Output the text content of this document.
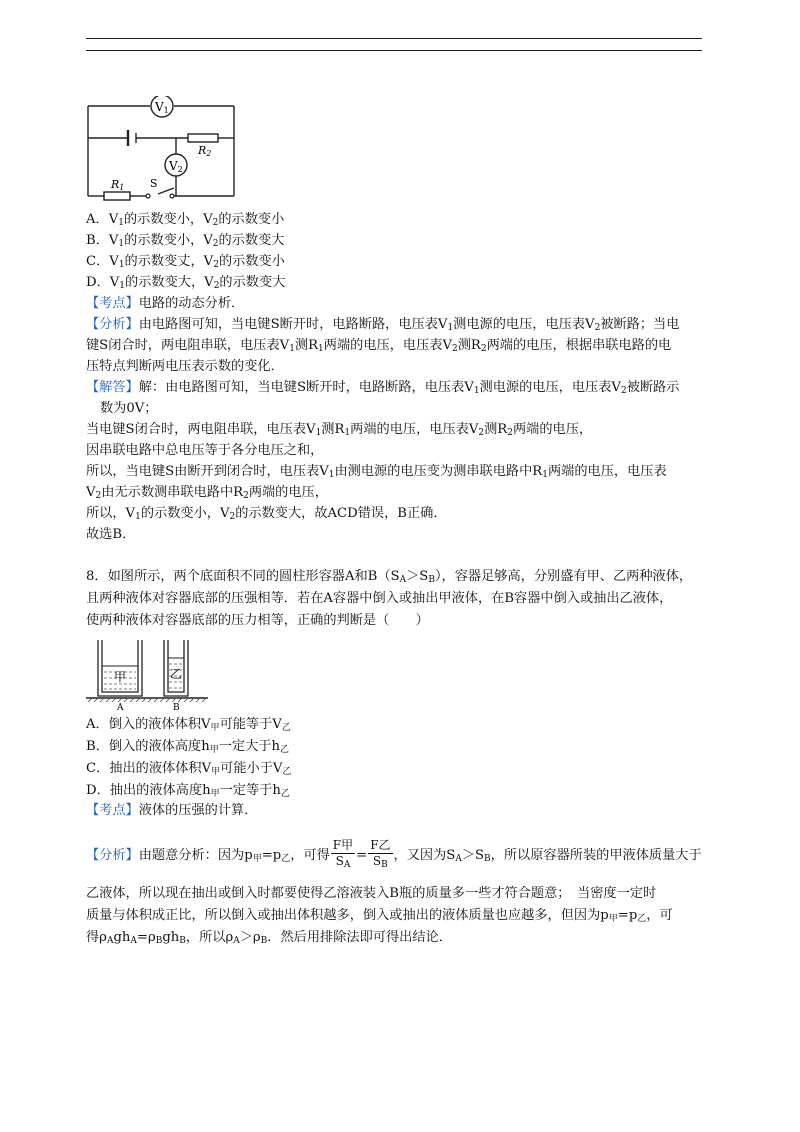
V1
V2
R2
R1 S
A．$V_1$的示数变小，$V_2$的示数变小
B．$V_1$的示数变小，$V_2$的示数变大
C．$V_1$的示数变丈，$V_2$的示数变小
D．$V_1$的示数变大，$V_2$的示数变大
【考点】电路的动态分析．
【分析】由电路图可知，当电键S断开时，电路断路，电压表$V_1$测电源的电压，电压表$V_2$被断路；当电
键S闭合时，两电阻串联，电压表$V_1$测$R_1$两端的电压，电压表$V_2$测$R_2$两端的电压，根据串联电路的电
压特点判断两电压表示数的变化．
【解答】解：由电路图可知，当电键S断开时，电路断路，电压表$V_1$测电源的电压，电压表$V_2$被断路示
数为0V；
当电键S闭合时，两电阻串联，电压表$V_1$测$R_1$两端的电压，电压表$V_2$测$R_2$两端的电压，
因串联电路中总电压等于各分电压之和，
所以，当电键S由断开到闭合时，电压表$V_1$由测电源的电压变为测串联电路中$R_1$两端的电压，电压表
$V_2$由无示数测串联电路中$R_2$两端的电压，
所以，$V_1$的示数变小，$V_2$的示数变大，故ACD错误，B正确．
故选B．
8．如图所示，两个底面积不同的圆柱形容器A和$B(S_A>S_B)$，容器足够高，分别盛有甲、乙两种液体，
且两种液体对容器底部的压强相等．若在A容器中倒入或抽出甲液体，在B容器中倒入或抽出乙液体，
使两种液体对容器底部的压力相等，正确的判断是（　　）
甲	乙
A	B
A．倒入的液体体积$V_甲$可能等于$V_乙$
B．倒入的液体高度$h_甲$一定大于$h_乙$
C．抽出的液体体积$V_甲$可能小于$V_乙$
D．抽出的液体高度$h_甲$一定等于$h_乙$
【考点】液体的压强的计算．
【分析】由题意分析：因为$p_甲=p_乙$，可得 $\frac{\text{F甲}}{S_A} = \frac{\text{F乙}}{S_B}$ ，又因为$S_A>S_B$，所以原容器所装的甲液体质量大于
乙液体，所以现在抽出或倒入时都要使得乙溶液装入B瓶的质量多一些才符合题意；　当密度一定时
质量与体积成正比，所以倒入或抽出体积越多，倒入或抽出的液体质量也应越多，但因为$p_甲=p_乙$，可
得$\rho_Agh_A=\rho_Bgh_B$，所以$\rho_A>\rho_B$．然后用排除法即可得出结论．
